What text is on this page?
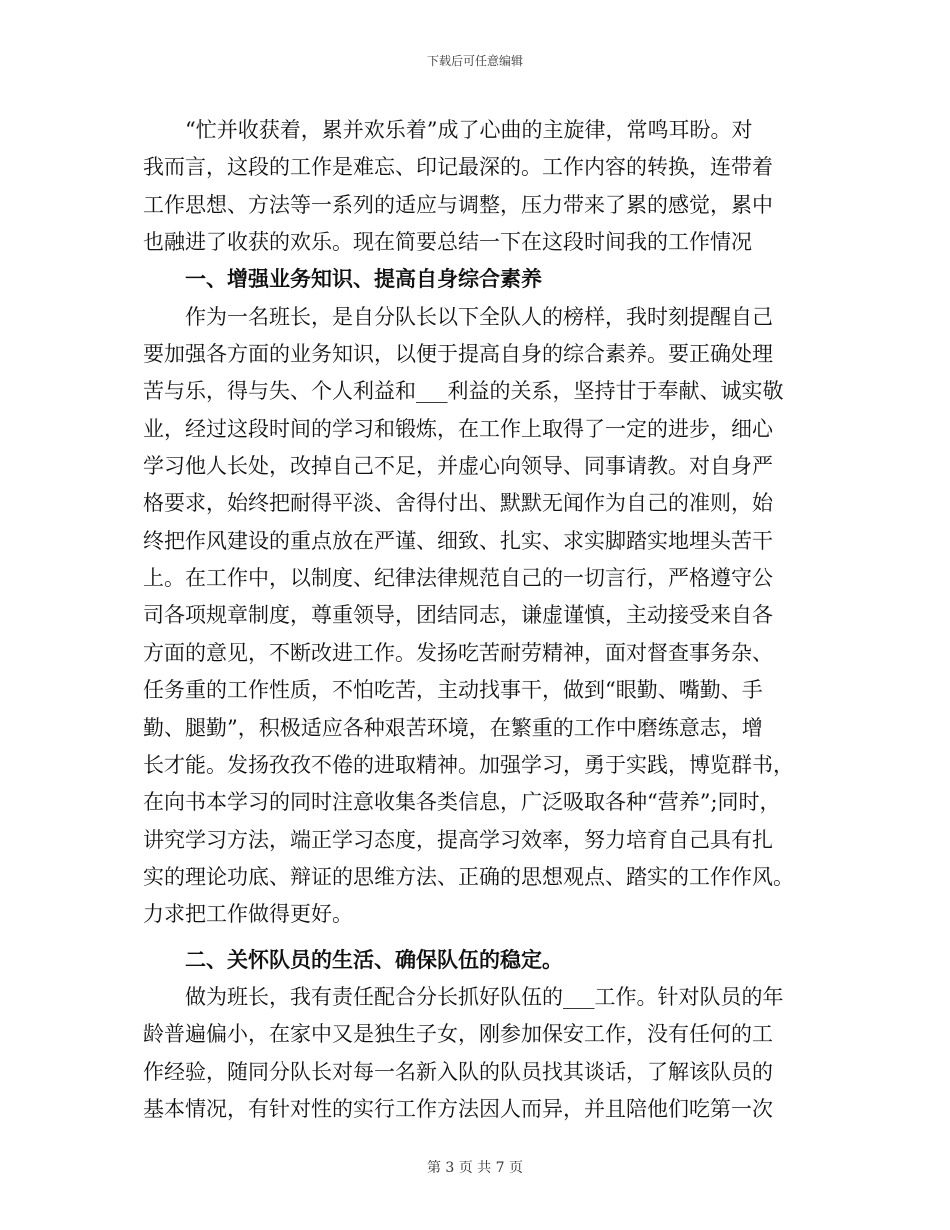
下载后可任意编辑
“忙并收获着，累并欢乐着”成了心曲的主旋律，常鸣耳盼。对
我而言，这段的工作是难忘、印记最深的。工作内容的转换，连带着
工作思想、方法等一系列的适应与调整，压力带来了累的感觉，累中
也融进了收获的欢乐。现在简要总结一下在这段时间我的工作情况
一、增强业务知识、提高自身综合素养
作为一名班长，是自分队长以下全队人的榜样，我时刻提醒自己
要加强各方面的业务知识，以便于提高自身的综合素养。要正确处理
苦与乐，得与失、个人利益和___利益的关系，坚持甘于奉献、诚实敬
业，经过这段时间的学习和锻炼，在工作上取得了一定的进步，细心
学习他人长处，改掉自己不足，并虚心向领导、同事请教。对自身严
格要求，始终把耐得平淡、舍得付出、默默无闻作为自己的准则，始
终把作风建设的重点放在严谨、细致、扎实、求实脚踏实地埋头苦干
上。在工作中，以制度、纪律法律规范自己的一切言行，严格遵守公
司各项规章制度，尊重领导，团结同志，谦虚谨慎，主动接受来自各
方面的意见，不断改进工作。发扬吃苦耐劳精神，面对督查事务杂、
任务重的工作性质，不怕吃苦，主动找事干，做到“眼勤、嘴勤、手
勤、腿勤”，积极适应各种艰苦环境，在繁重的工作中磨练意志，增
长才能。发扬孜孜不倦的进取精神。加强学习，勇于实践，博览群书，
在向书本学习的同时注意收集各类信息，广泛吸取各种“营养”;同时，
讲究学习方法，端正学习态度，提高学习效率，努力培育自己具有扎
实的理论功底、辩证的思维方法、正确的思想观点、踏实的工作作风。
力求把工作做得更好。
二、关怀队员的生活、确保队伍的稳定。
做为班长，我有责任配合分长抓好队伍的___工作。针对队员的年
龄普遍偏小，在家中又是独生子女，刚参加保安工作，没有任何的工
作经验，随同分队长对每一名新入队的队员找其谈话，了解该队员的
基本情况，有针对性的实行工作方法因人而异，并且陪他们吃第一次
第 3 页 共 7 页
